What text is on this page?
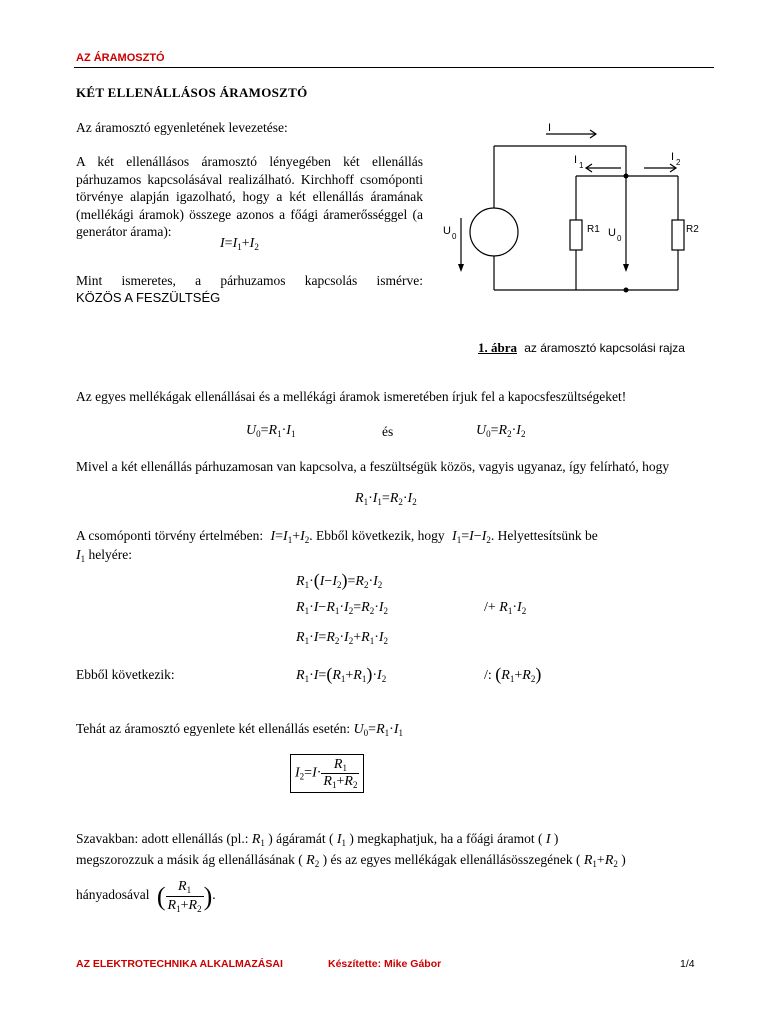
AZ ÁRAMOSZTÓ
KÉT ELLENÁLLÁSOS ÁRAMOSZTÓ
Az áramosztó egyenletének levezetése:
A két ellenállásos áramosztó lényegében két ellenállás párhuzamos kapcsolásával realizálható. Kirchhoff csomóponti törvénye alapján igazolható, hogy a két ellenállás áramának (mellékági áramok) összege azonos a főági áramerősséggel (a generátor árama):
$I=I_1+I_2$
Mint ismeretes, a párhuzamos kapcsolás ismérve:
KÖZÖS A FESZÜLTSÉG
I
I 1
I 2
U 0	U 0
R1	R2
1. ábra az áramosztó kapcsolási rajza
Az egyes mellékágak ellenállásai és a mellékági áramok ismeretében írjuk fel a kapocsfeszültségeket!
$U_0=R_1\cdot I_1$	és	$U_0=R_2\cdot I_2$
Mivel a két ellenállás párhuzamosan van kapcsolva, a feszültségük közös, vagyis ugyanaz, így felírható, hogy
$R_1\cdot I_1=R_2\cdot I_2$
A csomóponti törvény értelmében: $I=I_1+I_2$. Ebből következik, hogy $I_1=I-I_2$. Helyettesítsünk be
$I_1$ helyére:
$R_1\cdot(I-I_2)=R_2\cdot I_2$
$R_1\cdot I-R_1\cdot I_2=R_2\cdot I_2$	/+ $R_1\cdot I_2$
$R_1\cdot I=R_2\cdot I_2+R_1\cdot I_2$
Ebből következik:	$R_1\cdot I=(R_1+R_1)\cdot I_2$	/: $(R_1+R_2)$
Tehát az áramosztó egyenlete két ellenállás esetén: $U_0=R_1\cdot I_1$
$I_2=I\cdot \frac{R_1}{R_1+R_2}$
Szavakban: adott ellenállás (pl.: $R_1$ ) ágáramát ( $I_1$ ) megkaphatjuk, ha a főági áramot ( I )
megszorozzuk a másik ág ellenállásának ( $R_2$ ) és az egyes mellékágak ellenállásösszegének ( $R_1+R_2$ )
hányadosával ( $\frac{R_1}{R_1+R_2}$ ).
AZ ELEKTROTECHNIKA ALKALMAZÁSAI	Készítette: Mike Gábor	1/4
